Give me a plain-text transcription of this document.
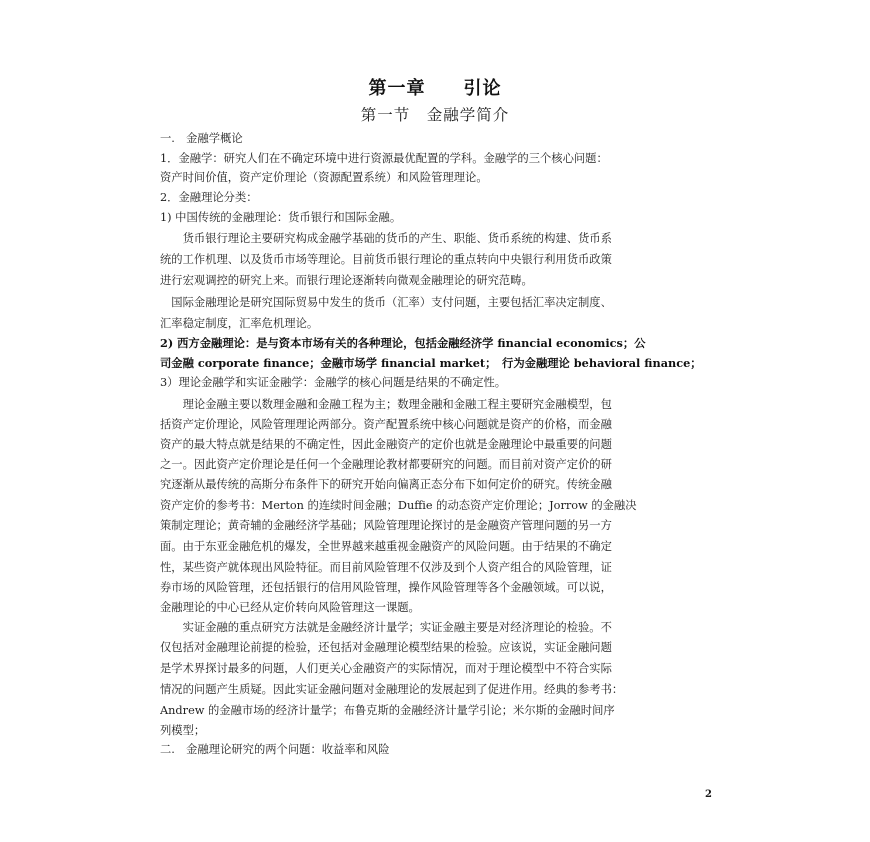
第一章　　引论
第一节　金融学简介
一.　金融学概论
1．金融学：研究人们在不确定环境中进行资源最优配置的学科。金融学的三个核心问题：
资产时间价值，资产定价理论（资源配置系统）和风险管理理论。
2．金融理论分类：
1) 中国传统的金融理论：货币银行和国际金融。
　　货币银行理论主要研究构成金融学基础的货币的产生、职能、货币系统的构建、货币系
统的工作机理、以及货币市场等理论。目前货币银行理论的重点转向中央银行利用货币政策
进行宏观调控的研究上来。而银行理论逐渐转向微观金融理论的研究范畴。
　国际金融理论是研究国际贸易中发生的货币（汇率）支付问题，主要包括汇率决定制度、
汇率稳定制度，汇率危机理论。
2) 西方金融理论：是与资本市场有关的各种理论，包括金融经济学 financial economics；公
司金融 corporate finance；金融市场学 financial market；　行为金融理论 behavioral finance；
3）理论金融学和实证金融学：金融学的核心问题是结果的不确定性。
　　理论金融主要以数理金融和金融工程为主；数理金融和金融工程主要研究金融模型，包
括资产定价理论，风险管理理论两部分。资产配置系统中核心问题就是资产的价格，而金融
资产的最大特点就是结果的不确定性，因此金融资产的定价也就是金融理论中最重要的问题
之一。因此资产定价理论是任何一个金融理论教材都要研究的问题。而目前对资产定价的研
究逐渐从最传统的高斯分布条件下的研究开始向偏离正态分布下如何定价的研究。传统金融
资产定价的参考书：Merton 的连续时间金融；Duffie 的动态资产定价理论；Jorrow 的金融决
策制定理论；黄奇辅的金融经济学基础；风险管理理论探讨的是金融资产管理问题的另一方
面。由于东亚金融危机的爆发，全世界越来越重视金融资产的风险问题。由于结果的不确定
性，某些资产就体现出风险特征。而目前风险管理不仅涉及到个人资产组合的风险管理，证
券市场的风险管理，还包括银行的信用风险管理，操作风险管理等各个金融领域。可以说，
金融理论的中心已经从定价转向风险管理这一课题。
　　实证金融的重点研究方法就是金融经济计量学；实证金融主要是对经济理论的检验。不
仅包括对金融理论前提的检验，还包括对金融理论模型结果的检验。应该说，实证金融问题
是学术界探讨最多的问题，人们更关心金融资产的实际情况，而对于理论模型中不符合实际
情况的问题产生质疑。因此实证金融问题对金融理论的发展起到了促进作用。经典的参考书：
Andrew 的金融市场的经济计量学；布鲁克斯的金融经济计量学引论；米尔斯的金融时间序
列模型；
二.　金融理论研究的两个问题：收益率和风险
2
